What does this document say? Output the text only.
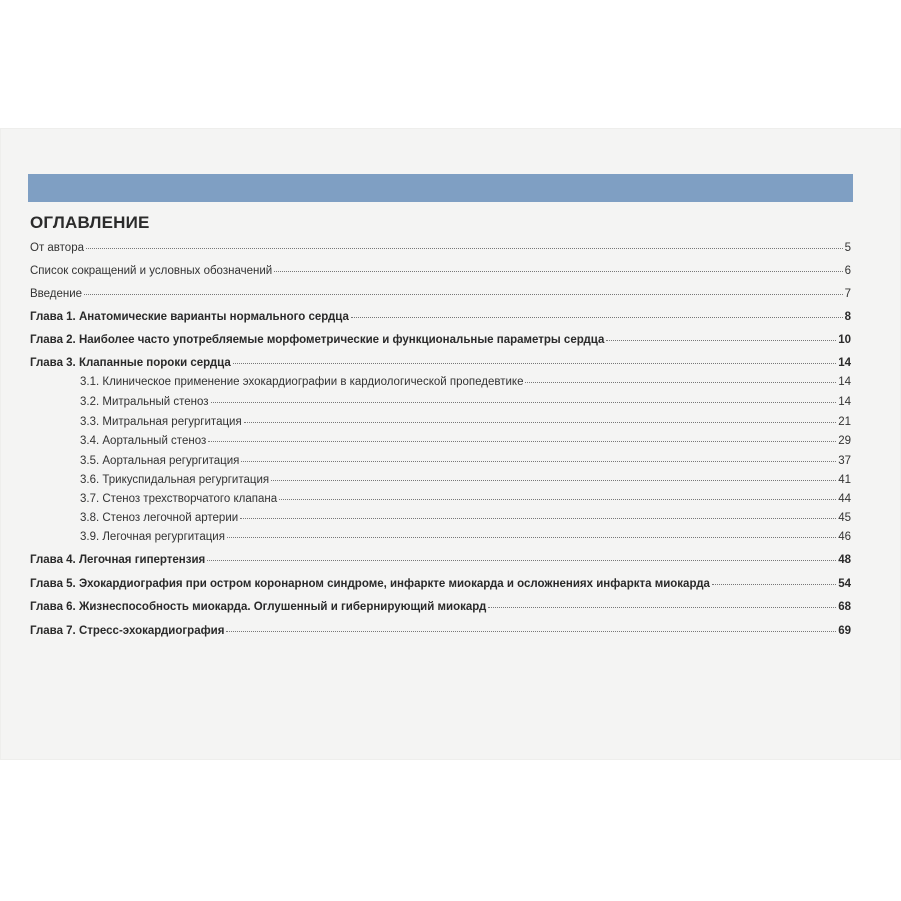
ОГЛАВЛЕНИЕ
От автора	5
Список сокращений и условных обозначений	6
Введение	7
Глава 1. Анатомические варианты нормального сердца	8
Глава 2. Наиболее часто употребляемые морфометрические и функциональные параметры сердца	10
Глава 3. Клапанные пороки сердца	14
3.1. Клиническое применение эхокардиографии в кардиологической пропедевтике	14
3.2. Митральный стеноз	14
3.3. Митральная регургитация	21
3.4. Аортальный стеноз	29
3.5. Аортальная регургитация	37
3.6. Трикуспидальная регургитация	41
3.7. Стеноз трехстворчатого клапана	44
3.8. Стеноз легочной артерии	45
3.9. Легочная регургитация	46
Глава 4. Легочная гипертензия	48
Глава 5. Эхокардиография при остром коронарном синдроме, инфаркте миокарда и осложнениях инфаркта миокарда	54
Глава 6. Жизнеспособность миокарда. Оглушенный и гибернирующий миокард	68
Глава 7. Стресс-эхокардиография	69
